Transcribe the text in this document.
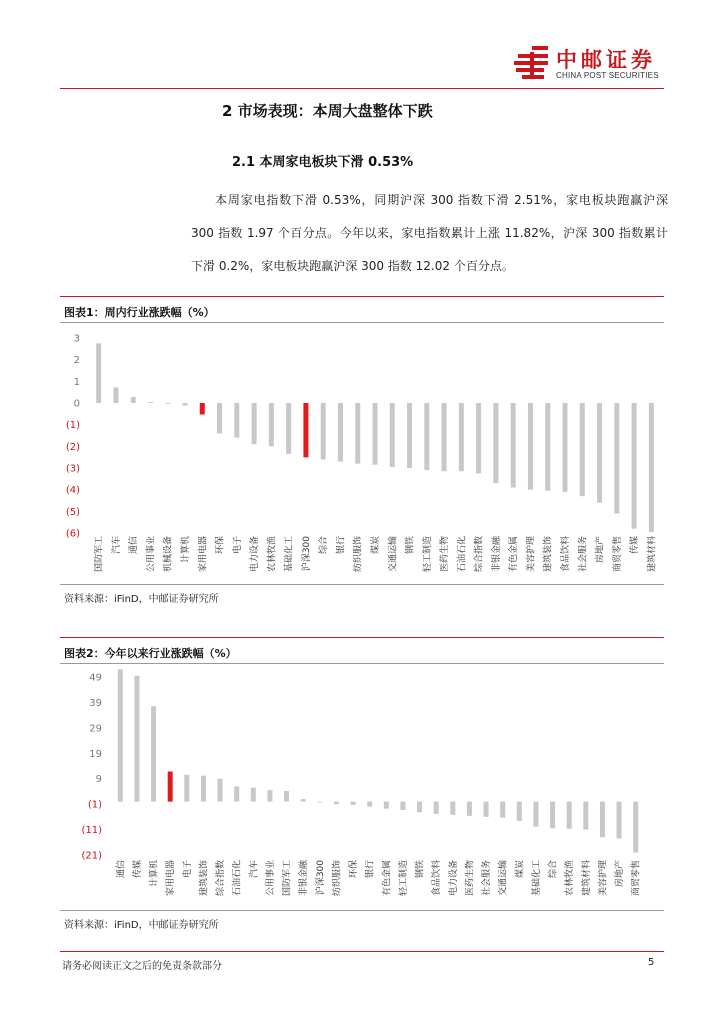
中邮证券
CHINA POST SECURITIES
2 市场表现：本周大盘整体下跌
2.1 本周家电板块下滑 0.53%
本周家电指数下滑 0.53%，同期沪深 300 指数下滑 2.51%，家电板块跑赢沪深 300 指数 1.97 个百分点。今年以来，家电指数累计上涨 11.82%，沪深 300 指数累计下滑 0.2%，家电板块跑赢沪深 300 指数 12.02 个百分点。
图表1：周内行业涨跌幅（%）
3
2
1
0
(1)
(2)
(3)
(4)
(5)
(6)
国防军工 汽车 通信 公用事业 机械设备 计算机 家用电器 环保 电子 电力设备 农林牧渔 基础化工 沪深300 综合 银行 纺织服饰 煤炭 交通运输 钢铁 轻工制造 医药生物 石油石化 综合指数 非银金融 有色金属 美容护理 建筑装饰 食品饮料 社会服务 房地产 商贸零售 传媒 建筑材料
资料来源：iFinD，中邮证券研究所
图表2：今年以来行业涨跌幅（%）
49
39
29
19
9
(1)
(11)
(21)
通信 传媒 计算机 家用电器 电子 建筑装饰 综合指数 石油石化 汽车 公用事业 国防军工 非银金融 沪深300 纺织服饰 环保 银行 有色金属 轻工制造 钢铁 食品饮料 电力设备 医药生物 社会服务 交通运输 煤炭 基础化工 综合 农林牧渔 建筑材料 美容护理 房地产 商贸零售
资料来源：iFinD，中邮证券研究所
请务必阅读正文之后的免责条款部分	5
